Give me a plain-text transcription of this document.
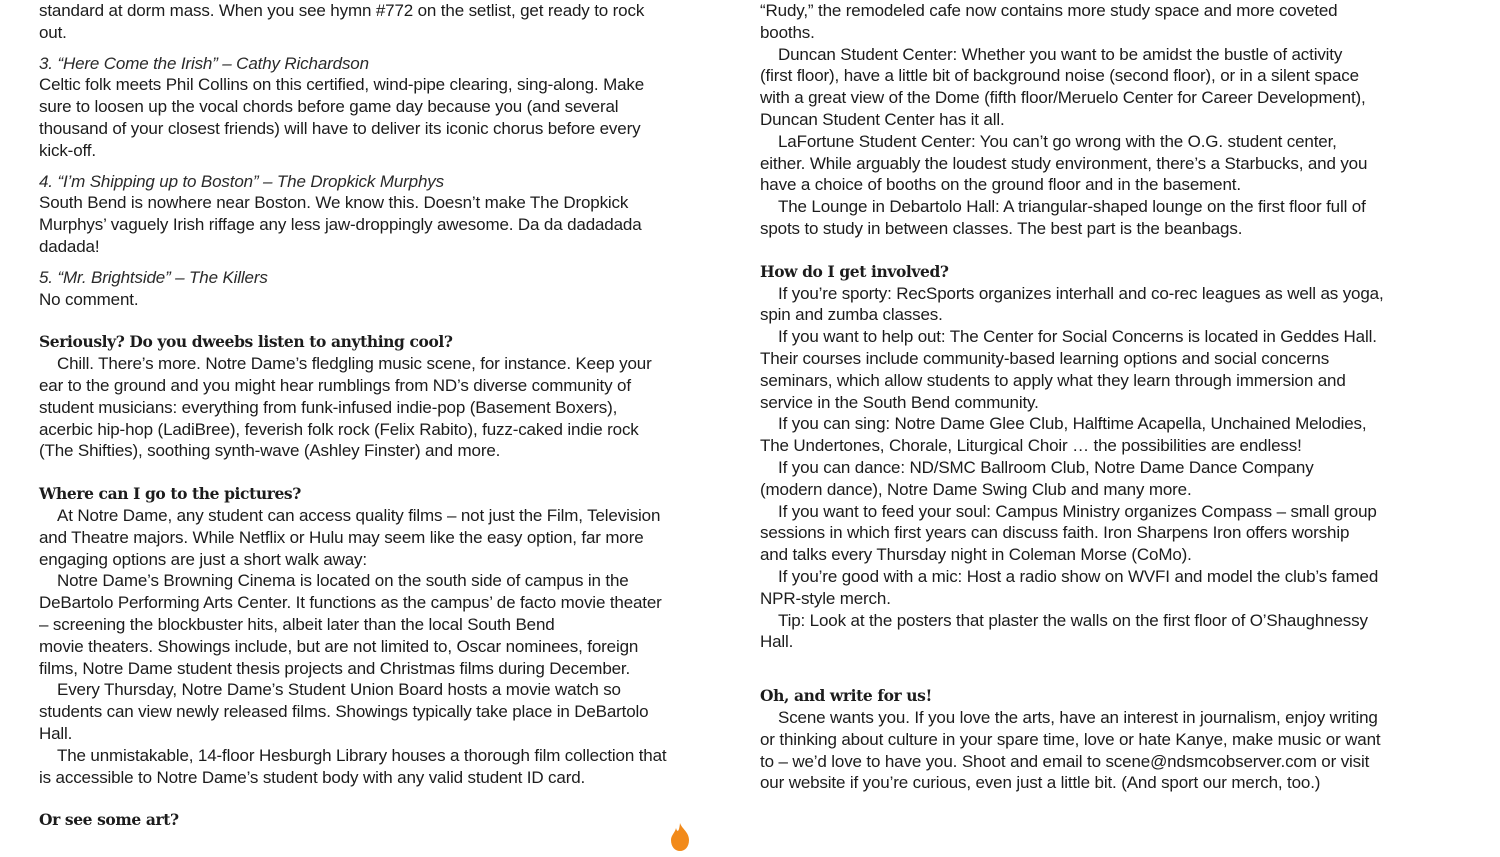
standard at dorm mass. When you see hymn #772 on the setlist, get ready to rock
out.
3. “Here Come the Irish” – Cathy Richardson
Celtic folk meets Phil Collins on this certified, wind-pipe clearing, sing-along. Make
sure to loosen up the vocal chords before game day because you (and several
thousand of your closest friends) will have to deliver its iconic chorus before every
kick-off.
4. “I’m Shipping up to Boston” – The Dropkick Murphys
South Bend is nowhere near Boston. We know this. Doesn’t make The Dropkick
Murphys’ vaguely Irish riffage any less jaw-droppingly awesome. Da da dadadada
dadada!
5. “Mr. Brightside” – The Killers
No comment.
Seriously? Do you dweebs listen to anything cool?
Chill. There’s more. Notre Dame’s fledgling music scene, for instance. Keep your
ear to the ground and you might hear rumblings from ND’s diverse community of
student musicians: everything from funk-infused indie-pop (Basement Boxers),
acerbic hip-hop (LadiBree), feverish folk rock (Felix Rabito), fuzz-caked indie rock
(The Shifties), soothing synth-wave (Ashley Finster) and more.
Where can I go to the pictures?
At Notre Dame, any student can access quality films – not just the Film, Television
and Theatre majors. While Netflix or Hulu may seem like the easy option, far more
engaging options are just a short walk away:
Notre Dame’s Browning Cinema is located on the south side of campus in the
DeBartolo Performing Arts Center. It functions as the campus’ de facto movie theater
– screening the blockbuster hits, albeit later than the local South Bend
movie theaters. Showings include, but are not limited to, Oscar nominees, foreign
films, Notre Dame student thesis projects and Christmas films during December.
Every Thursday, Notre Dame’s Student Union Board hosts a movie watch so
students can view newly released films. Showings typically take place in DeBartolo
Hall.
The unmistakable, 14-floor Hesburgh Library houses a thorough film collection that
is accessible to Notre Dame’s student body with any valid student ID card.
Or see some art?
“Rudy,” the remodeled cafe now contains more study space and more coveted
booths.
Duncan Student Center: Whether you want to be amidst the bustle of activity
(first floor), have a little bit of background noise (second floor), or in a silent space
with a great view of the Dome (fifth floor/Meruelo Center for Career Development),
Duncan Student Center has it all.
LaFortune Student Center: You can’t go wrong with the O.G. student center,
either. While arguably the loudest study environment, there’s a Starbucks, and you
have a choice of booths on the ground floor and in the basement.
The Lounge in Debartolo Hall: A triangular-shaped lounge on the first floor full of
spots to study in between classes. The best part is the beanbags.
How do I get involved?
If you’re sporty: RecSports organizes interhall and co-rec leagues as well as yoga,
spin and zumba classes.
If you want to help out: The Center for Social Concerns is located in Geddes Hall.
Their courses include community-based learning options and social concerns
seminars, which allow students to apply what they learn through immersion and
service in the South Bend community.
If you can sing: Notre Dame Glee Club, Halftime Acapella, Unchained Melodies,
The Undertones, Chorale, Liturgical Choir … the possibilities are endless!
If you can dance: ND/SMC Ballroom Club, Notre Dame Dance Company
(modern dance), Notre Dame Swing Club and many more.
If you want to feed your soul: Campus Ministry organizes Compass – small group
sessions in which first years can discuss faith. Iron Sharpens Iron offers worship
and talks every Thursday night in Coleman Morse (CoMo).
If you’re good with a mic: Host a radio show on WVFI and model the club’s famed
NPR-style merch.
Tip: Look at the posters that plaster the walls on the first floor of O’Shaughnessy
Hall.
Oh, and write for us!
Scene wants you. If you love the arts, have an interest in journalism, enjoy writing
or thinking about culture in your spare time, love or hate Kanye, make music or want
to – we’d love to have you. Shoot and email to scene@ndsmcobserver.com or visit
our website if you’re curious, even just a little bit. (And sport our merch, too.)
